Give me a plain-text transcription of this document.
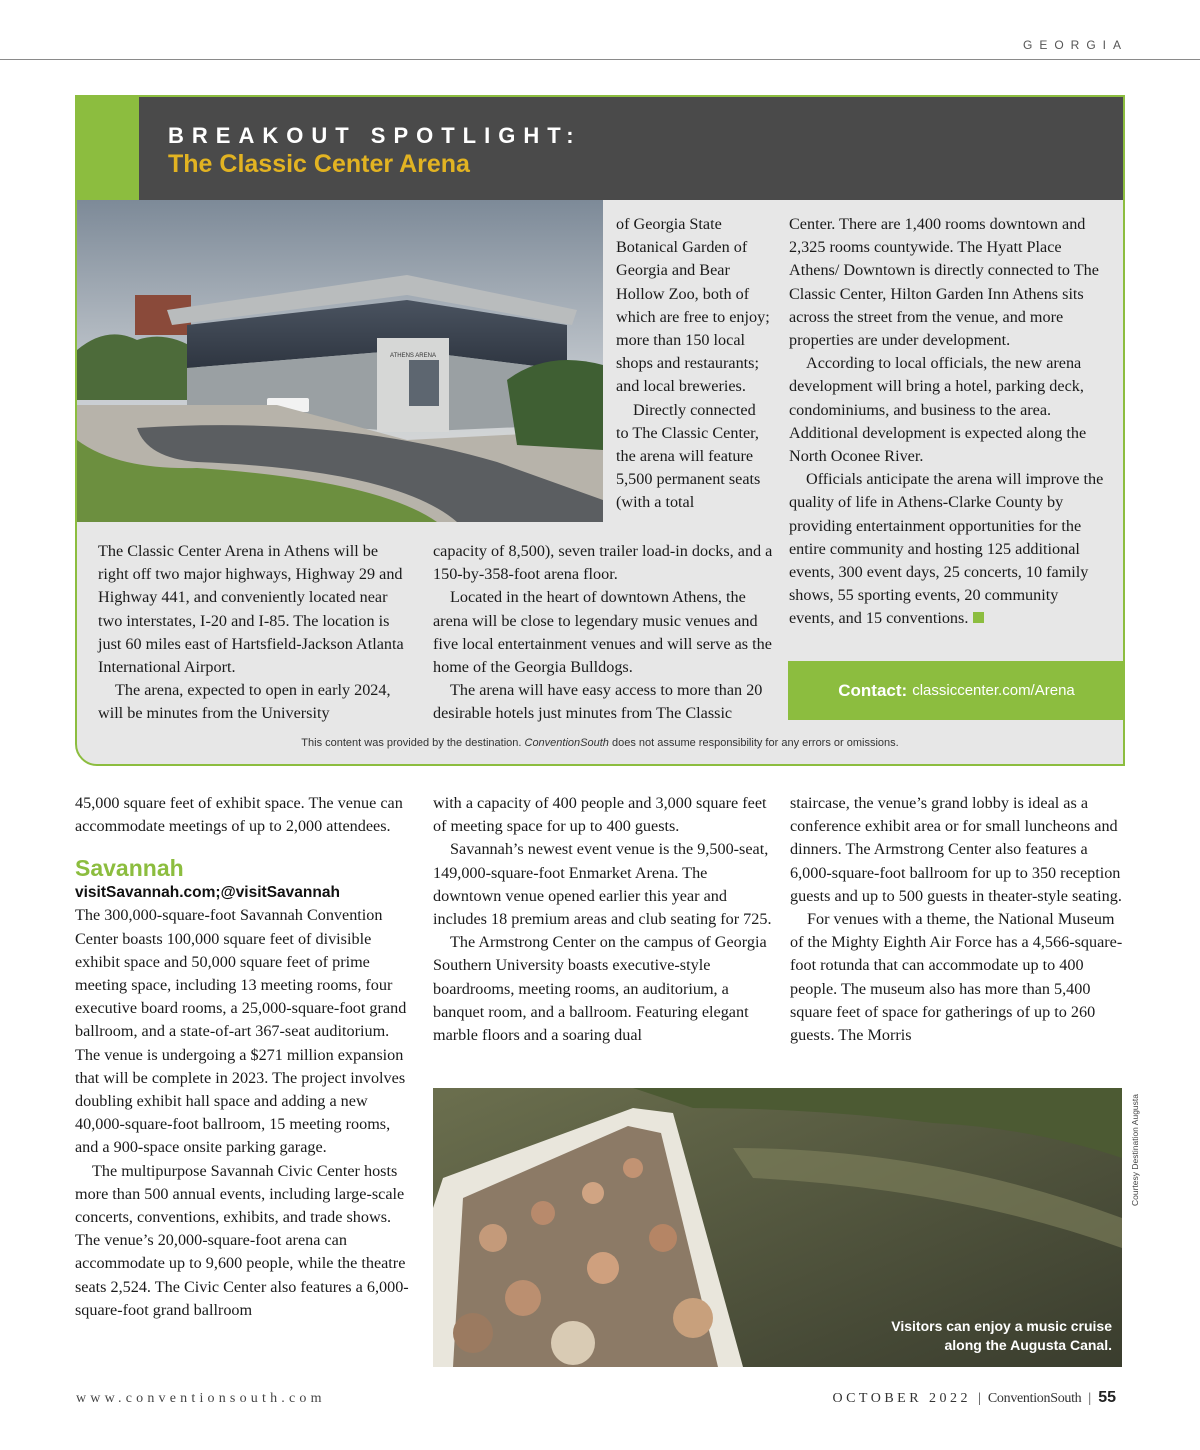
GEORGIA
BREAKOUT SPOTLIGHT:
The Classic Center Arena
ATHENS ARENA

of Georgia State Botanical Garden of Georgia and Bear Hollow Zoo, both of which are free to enjoy; more than 150 local shops and restaurants; and local breweries.

Directly connected to The Classic Center, the arena will feature 5,500 permanent seats (with a total

The Classic Center Arena in Athens will be right off two major highways, Highway 29 and Highway 441, and conveniently located near two interstates, I-20 and I-85. The location is just 60 miles east of Hartsfield-Jackson Atlanta International Airport.

The arena, expected to open in early 2024, will be minutes from the University

capacity of 8,500), seven trailer load-in docks, and a 150-by-358-foot arena floor.

Located in the heart of downtown Athens, the arena will be close to legendary music venues and five local entertainment venues and will serve as the home of the Georgia Bulldogs.

The arena will have easy access to more than 20 desirable hotels just minutes from The Classic

Center. There are 1,400 rooms downtown and 2,325 rooms countywide. The Hyatt Place Athens/ Downtown is directly connected to The Classic Center, Hilton Garden Inn Athens sits across the street from the venue, and more properties are under development.

According to local officials, the new arena development will bring a hotel, parking deck, condominiums, and business to the area. Additional development is expected along the North Oconee River.

Officials anticipate the arena will improve the quality of life in Athens-Clarke County by providing entertainment opportunities for the entire community and hosting 125 additional events, 300 event days, 25 concerts, 10 family shows, 55 sporting events, 20 community events, and 15 conventions.

Contact: classiccenter.com/Arena
This content was provided by the destination. ConventionSouth does not assume responsibility for any errors or omissions.

45,000 square feet of exhibit space. The venue can accommodate meetings of up to 2,000 attendees.

Savannah

visitSavannah.com;@visitSavannah

The 300,000-square-foot Savannah Convention Center boasts 100,000 square feet of divisible exhibit space and 50,000 square feet of prime meeting space, including 13 meeting rooms, four executive board rooms, a 25,000-square-foot grand ballroom, and a state-of-art 367-seat auditorium. The venue is undergoing a $271 million expansion that will be complete in 2023. The project involves doubling exhibit hall space and adding a new 40,000-square-foot ballroom, 15 meeting rooms, and a 900-space onsite parking garage.

The multipurpose Savannah Civic Center hosts more than 500 annual events, including large-scale concerts, conventions, exhibits, and trade shows. The venue’s 20,000-square-foot arena can accommodate up to 9,600 people, while the theatre seats 2,524. The Civic Center also features a 6,000-square-foot grand ballroom

with a capacity of 400 people and 3,000 square feet of meeting space for up to 400 guests.

Savannah’s newest event venue is the 9,500-seat, 149,000-square-foot Enmarket Arena. The downtown venue opened earlier this year and includes 18 premium areas and club seating for 725.

The Armstrong Center on the campus of Georgia Southern University boasts executive-style boardrooms, meeting rooms, an auditorium, a banquet room, and a ballroom. Featuring elegant marble floors and a soaring dual

staircase, the venue’s grand lobby is ideal as a conference exhibit area or for small luncheons and dinners. The Armstrong Center also features a 6,000-square-foot ballroom for up to 350 reception guests and up to 500 guests in theater-style seating.

For venues with a theme, the National Museum of the Mighty Eighth Air Force has a 4,566-square-foot rotunda that can accommodate up to 400 people. The museum also has more than 5,400 square feet of space for gatherings of up to 260 guests. The Morris

Visitors can enjoy a music cruise along the Augusta Canal.
Courtesy Destination Augusta
www.conventionsouth.com	OCTOBER 2022 | ConventionSouth | 55
